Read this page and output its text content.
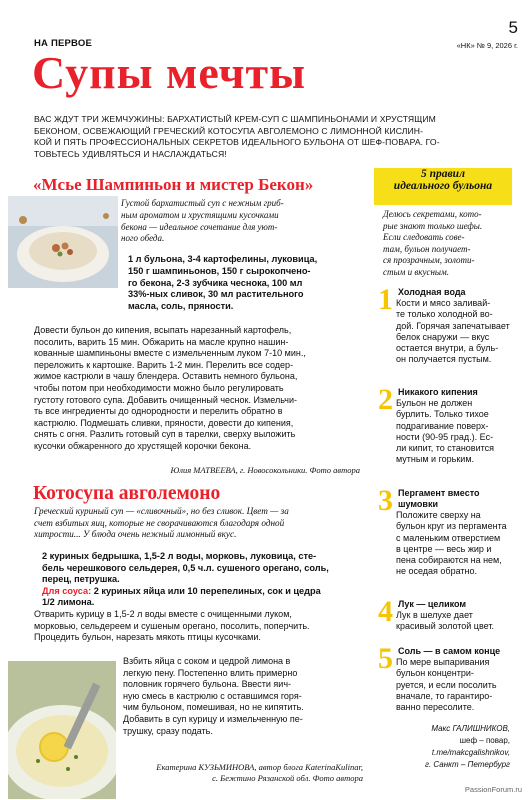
НА ПЕРВОЕ
5
«НК» № 9, 2026 г.
Супы мечты

ВАС ЖДУТ ТРИ ЖЕМЧУЖИНЫ: БАРХАТИСТЫЙ КРЕМ-СУП С ШАМПИНЬОНАМИ И ХРУСТЯЩИМ

БЕКОНОМ, ОСВЕЖАЮЩИЙ ГРЕЧЕСКИЙ КОТОСУПА АВГОЛЕМОНО С ЛИМОННОЙ КИСЛИН-

КОЙ И ПЯТЬ ПРОФЕССИОНАЛЬНЫХ СЕКРЕТОВ ИДЕАЛЬНОГО БУЛЬОНА ОТ ШЕФ-ПОВАРА. ГО-

ТОВЬТЕСЬ УДИВЛЯТЬСЯ И НАСЛАЖДАТЬСЯ!

«Мсье Шампиньон и мистер Бекон»
Густой бархатистый суп с нежным гриб-
ным ароматом и хрустящими кусочками
бекона — идеальное сочетание для уют-
ного обеда.
1 л бульона, 3-4 картофелины, луковица,
150 г шампиньонов, 150 г сырокопчено-
го бекона, 2-3 зубчика чеснока, 100 мл
33%-ных сливок, 30 мл растительного
масла, соль, пряности.
Довести бульон до кипения, всыпать нарезанный картофель,
посолить, варить 15 мин. Обжарить на масле крупно нашин-
кованные шампиньоны вместе с измельченным луком 7-10 мин.,
переложить к картошке. Варить 1-2 мин. Перелить все содер-
жимое кастрюли в чашу блендера. Оставить немного бульона,
чтобы потом при необходимости можно было регулировать
густоту готового супа. Добавить очищенный чеснок. Измельчи-
ть все ингредиенты до однородности и перелить обратно в
кастрюлю. Подмешать сливки, пряности, довести до кипения,
снять с огня. Разлить готовый суп в тарелки, сверху выложить
кусочки обжаренного до хрустящей корочки бекона.
Юлия МАТВЕЕВА, г. Новосокольники. Фото автора
Котосупа авголемоно
Греческий куриный суп — «сливочный», но без сливок. Цвет — за
счет взбитых яиц, которые не сворачиваются благодаря одной
хитрости... У блюда очень нежный лимонный вкус.
2 куриных бедрышка, 1,5-2 л воды, морковь, луковица, сте-
бель черешкового сельдерея, 0,5 ч.л. сушеного орегано, соль,
перец, петрушка.
Для соуса: 2 куриных яйца или 10 перепелиных, сок и цедра
1/2 лимона.
Отварить курицу в 1,5-2 л воды вместе с очищенными луком,
морковью, сельдереем и сушеным орегано, посолить, поперчить.
Процедить бульон, нарезать мякоть птицы кусочками.
Взбить яйца с соком и цедрой лимона в
легкую пену. Постепенно влить примерно
половник горячего бульона. Ввести яич-
ную смесь в кастрюлю с оставшимся горя-
чим бульоном, помешивая, но не кипятить.
Добавить в суп курицу и измельченную пе-
трушку, сразу подать.
Екатерина КУЗЬМИНОВА, автор блога KaterinaKulinar,
с. Бежтино Рязанской обл. Фото автора
5 правил
идеального бульона
Делюсь секретами, кото-
рые знают только шефы.
Если следовать сове-
там, бульон получает-
ся прозрачным, золоти-
стым и вкусным.
1 Холодная вода
Кости и мясо заливай-
те только холодной во-
дой. Горячая запечатывает
белок снаружи — вкус
остается внутри, а буль-
он получается пустым.
2 Никакого кипения
Бульон не должен
бурлить. Только тихое
подрагивание поверх-
ности (90-95 град.). Ес-
ли кипит, то становится
мутным и горьким.
3 Пергамент вместо шумовки
Положите сверху на
бульон круг из пергамента
с маленьким отверстием
в центре — весь жир и
пена собираются на нем,
не оседая обратно.
4 Лук — целиком
Лук в шелухе дает
красивый золотой цвет.
5 Соль — в самом конце
По мере выпаривания
бульон концентри-
руется, и если посолить
вначале, то гарантиро-
ванно пересолите.
Макс ГАЛИШНИКОВ,
шеф – повар,
t.me/makcgalishnikov,
г. Санкт – Петербург
PassionForum.ru
